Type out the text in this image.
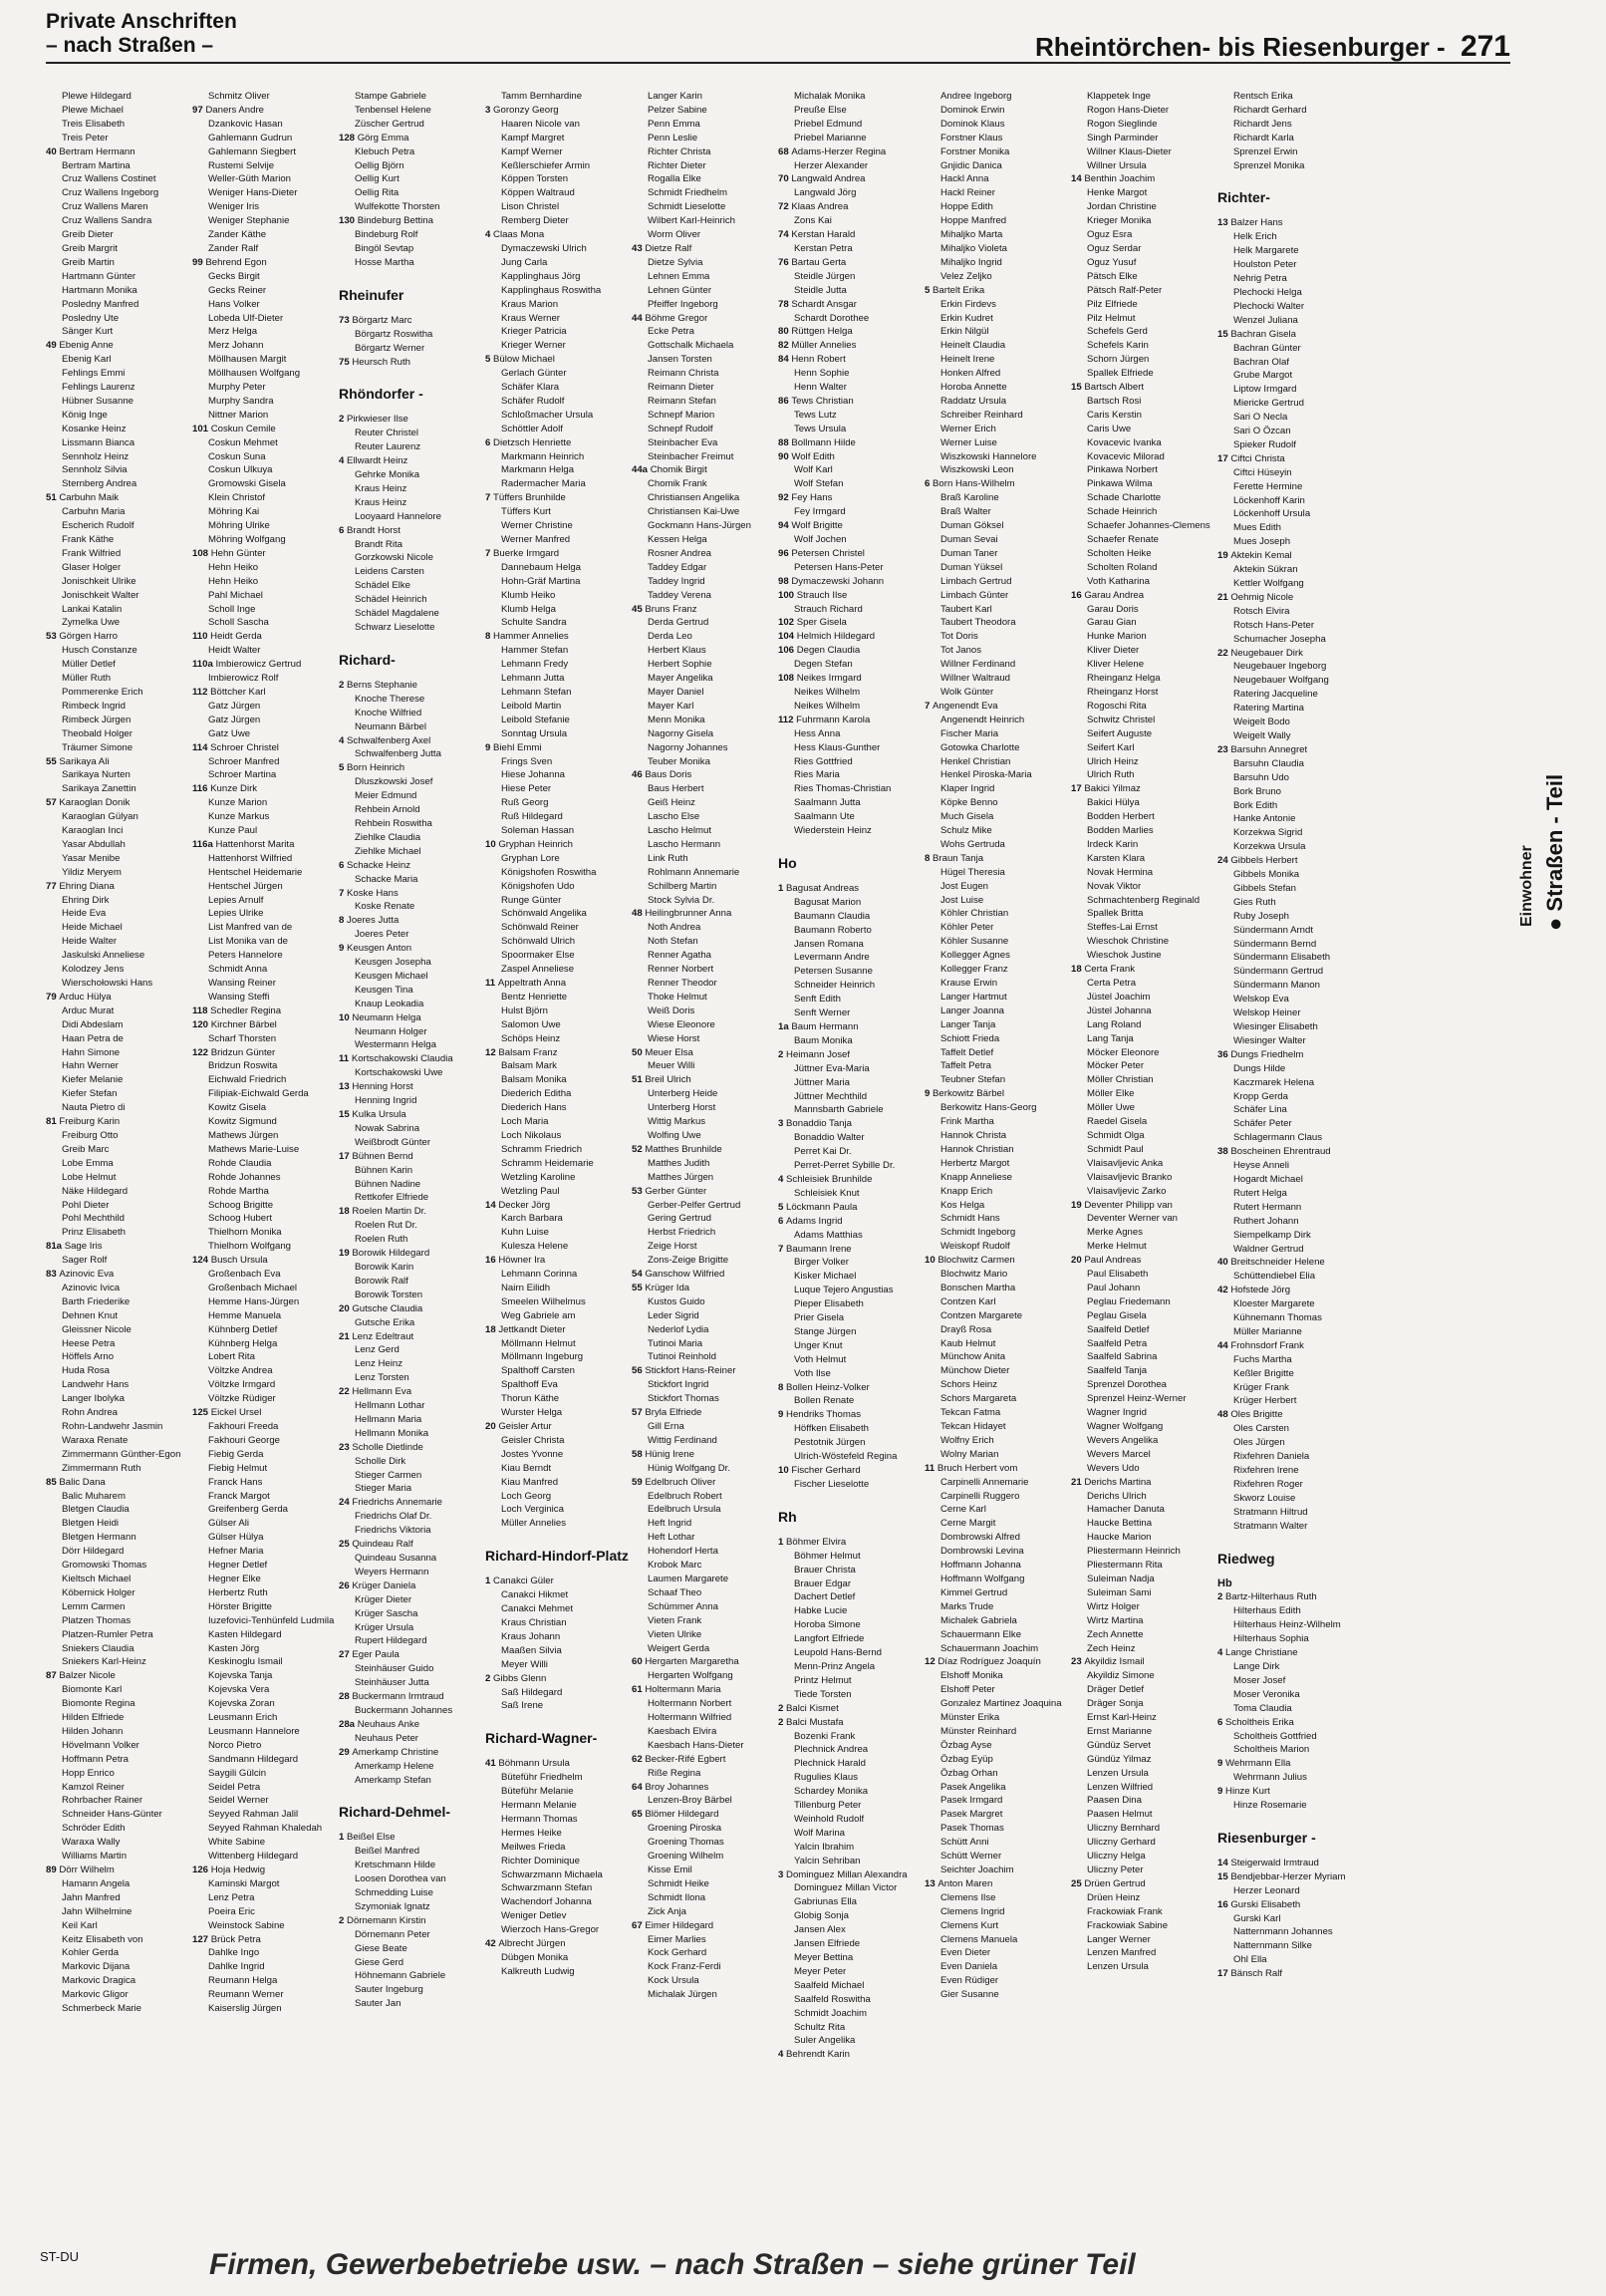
Private Anschriften
– nach Straßen –	Rheintörchen- bis Riesenburger - 271
Plewe Hildegard
Plewe Michael
Treis Elisabeth
Treis Peter
40 Bertram Hermann
Bertram Martina
Cruz Wallens Costinet
Cruz Wallens Ingeborg
Cruz Wallens Maren
Cruz Wallens Sandra
Greib Dieter
Greib Margrit
Greib Martin
Hartmann Günter
Hartmann Monika
Poslednу Manfred
Poslednу Ute
Sänger Kurt
49 Ebenig Anne
Ebenig Karl
Fehlings Emmi
Fehlings Laurenz
Hübner Susanne
König Inge
Kosanke Heinz
Lissmann Bianca
Sennholz Heinz
Sennholz Silvia
Sternberg Andrea
51 Carbuhn Maik
Carbuhn Maria
Escherich Rudolf
Frank Käthe
Frank Wilfried
Glaser Holger
Jonischkeit Ulrike
Jonischkeit Walter
Lankai Katalin
Zymelka Uwe
53 Görgen Harro
Husch Constanze
Müller Detlef
Müller Ruth
Pommerenke Erich
Rimbeck Ingrid
Rimbeck Jürgen
Theobald Holger
Träumer Simone
55 Sarikaya Ali
Sarikaya Nurten
Sarikaya Zanettin
57 Karaoglan Donik
Karaoglan Gülyan
Karaoglan Inci
Yasar Abdullah
Yasar Menibe
Yildiz Meryem
77 Ehring Diana
Ehring Dirk
Heide Eva
Heide Michael
Heide Walter
Jaskulski Anneliese
Kolodzey Jens
Wierschołowski Hans
79 Arduc Hülya
Arduc Murat
Didi Abdeslam
Haan Petra de
Hahn Simone
Hahn Werner
Kiefer Melanie
Kiefer Stefan
Nauta Pietro di
81 Freiburg Karin
Freiburg Otto
Greib Marc
Lobe Emma
Lobe Helmut
Näke Hildegard
Pohl Dieter
Pohl Mechthild
Prinz Elisabeth
81a Sage Iris
Sager Rolf
83 Azinovic Eva
Azinovic Ivica
Barth Friederike
Dehnen Knut
Gleissner Nicole
Heese Petra
Höffels Arno
Huda Rosa
Landwehr Hans
Langer Ibolyka
Rohn Andrea
Rohn-Landwehr Jasmin
Waraxa Renate
Zimmermann Günther-Egon
Zimmermann Ruth
85 Balic Dana
Balic Muharem
Bletgen Claudia
Bletgen Heidi
Bletgen Hermann
Dörr Hildegard
Gromowski Thomas
Kieltsch Michael
Köbernick Holger
Lemm Carmen
Platzen Thomas
Platzen-Rumler Petra
Sniekers Claudia
Sniekers Karl-Heinz
87 Balzer Nicole
Biomonte Karl
Biomonte Regina
Hilden Elfriede
Hilden Johann
Hövelmann Volker
Hoffmann Petra
Hopp Enrico
Kamzol Reiner
Rohrbacher Rainer
Schneider Hans-Günter
Schröder Edith
Waraxa Wally
Williams Martin
89 Dörr Wilhelm
Hamann Angela
Jahn Manfred
Jahn Wilhelmine
Keil Karl
Keitz Elisabeth von
Kohler Gerda
Markovic Dijana
Markovic Dragica
Markovic Gligor
Schmerbeck Marie
Schmitz Oliver
97 Daners Andre
Dzankovic Hasan
Gahlemann Gudrun
Gahlemann Siegbert
Rustemi Selvije
Weller-Güth Marion
Weniger Hans-Dieter
Weniger Iris
Weniger Stephanie
Zander Käthe
Zander Ralf
99 Behrend Egon
Gecks Birgit
Gecks Reiner
Hans Volker
Lobeda Ulf-Dieter
Merz Helga
Merz Johann
Möllhausen Margit
Möllhausen Wolfgang
Murphy Peter
Murphy Sandra
Nittner Marion
101 Coskun Cemile
Coskun Mehmet
Coskun Suna
Coskun Ulkuya
Gromowski Gisela
Klein Christof
Möhring Kai
Möhring Ulrike
Möhring Wolfgang
108 Hehn Günter
Hehn Heiko
Hehn Heiko
Pahl Michael
Scholl Inge
Scholl Sascha
110 Heidt Gerda
Heidt Walter
110a Imbierowicz Gertrud
Imbierowicz Rolf
112 Böttcher Karl
Gatz Jürgen
Gatz Jürgen
Gatz Uwe
114 Schroer Christel
Schroer Manfred
Schroer Martina
116 Kunze Dirk
Kunze Marion
Kunze Markus
Kunze Paul
116a Hattenhorst Marita
Hattenhorst Wilfried
Hentschel Heidemarie
Hentschel Jürgen
Lepies Arnulf
Lepies Ulrike
List Manfred van de
List Monika van de
Peters Hannelore
Schmidt Anna
Wansing Reiner
Wansing Steffi
118 Schedler Regina
120 Kirchner Bärbel
Scharf Thorsten
122 Bridzun Günter
Bridzun Roswita
Eichwald Friedrich
Filipiak-Eichwald Gerda
Kowitz Gisela
Kowitz Sigmund
Mathews Jürgen
Mathews Marie-Luise
Rohde Claudia
Rohde Johannes
Rohde Martha
Schoog Brigitte
Schoog Hubert
Thielhorn Monika
Thielhorn Wolfgang
124 Busch Ursula
Großenbach Eva
Großenbach Michael
Hemme Hans-Jürgen
Hemme Manuela
Kühnberg Detlef
Kühnberg Helga
Lobert Rita
Völtzke Andrea
Völtzke Irmgard
Völtzke Rüdiger
125 Eickel Ursel
Fakhouri Freeda
Fakhouri George
Fiebig Gerda
Fiebig Helmut
Franck Hans
Franck Margot
Greifenberg Gerda
Gülser Ali
Gülser Hülya
Hefner Maria
Hegner Detlef
Hegner Elke
Herbertz Ruth
Hörster Brigitte
Iuzefovici-Tenhünfeld Ludmila
Kasten Hildegard
Kasten Jörg
Keskinoglu Ismail
Kojevska Tanja
Kojevska Vera
Kojevska Zoran
Leusmann Erich
Leusmann Hannelore
Norco Pietro
Sandmann Hildegard
Saygili Gülcin
Seidel Petra
Seidel Werner
Seyyed Rahman Jalil
Seyyed Rahman Khaledah
White Sabine
Wittenberg Hildegard
126 Hoja Hedwig
Kaminski Margot
Lenz Petra
Poeira Eric
Weinstock Sabine
127 Brück Petra
Dahlke Ingo
Dahlke Ingrid
Reumann Helga
Reumann Werner
Kaiserslig Jürgen
Stampe Gabriele
Tenbensel Helene
Züscher Gertrud
128 Görg Emma
Klebuch Petra
Oellig Björn
Oellig Kurt
Oellig Rita
Wulfekotte Thorsten
130 Bindeburg Bettina
Bindeburg Rolf
Bingöl Sevtap
Hosse Martha
Rheinufer
73 Börgartz Marc
Börgartz Roswitha
Börgartz Werner
75 Heursch Ruth
Rhöndorfer -
2 Pirkwieser Ilse
Reuter Christel
Reuter Laurenz
4 Ellwardt Heinz
Gehrke Monika
Kraus Heinz
Kraus Heinz
Looyaard Hannelore
6 Brandt Horst
Brandt Rita
Gorzkowski Nicole
Leidens Carsten
Schädel Elke
Schädel Heinrich
Schädel Magdalene
Schwarz Lieselotte
Richard-
2 Berns Stephanie
Knoche Therese
Knoche Wilfried
Neumann Bärbel
4 Schwalfenberg Axel
Schwalfenberg Jutta
5 Born Heinrich
Dluszkowski Josef
Meier Edmund
Rehbein Arnold
Rehbein Roswitha
Ziehlke Claudia
Ziehlke Michael
6 Schacke Heinz
Schacke Maria
7 Koske Hans
Koske Renate
8 Joeres Jutta
Joeres Peter
9 Keusgen Anton
Keusgen Josepha
Keusgen Michael
Keusgen Tina
Knaup Leokadia
10 Neumann Helga
Neumann Holger
Westermann Helga
11 Kortschakowski Claudia
Kortschakowski Uwe
13 Henning Horst
Henning Ingrid
15 Kulka Ursula
Nowak Sabrina
Weißbrodt Günter
17 Bühnen Bernd
Bühnen Karin
Bühnen Nadine
Rettkofer Elfriede
18 Roelen Martin Dr.
Roelen Rut Dr.
Roelen Ruth
19 Borowik Hildegard
Borowik Karin
Borowik Ralf
Borowik Torsten
20 Gutsche Claudia
Gutsche Erika
21 Lenz Edeltraut
Lenz Gerd
Lenz Heinz
Lenz Torsten
22 Hellmann Eva
Hellmann Lothar
Hellmann Maria
Hellmann Monika
23 Scholle Dietlinde
Scholle Dirk
Stieger Carmen
Stieger Maria
24 Friedrichs Annemarie
Friedrichs Olaf Dr.
Friedrichs Viktoria
25 Quindeau Ralf
Quindeau Susanna
Weyers Hermann
26 Krüger Daniela
Krüger Dieter
Krüger Sascha
Krüger Ursula
Rupert Hildegard
27 Eger Paula
Steinhäuser Guido
Steinhäuser Jutta
28 Buckermann Irmtraud
Buckermann Johannes
28a Neuhaus Anke
Neuhaus Peter
29 Amerkamp Christine
Amerkamp Helene
Amerkamp Stefan
Richard-Dehmel-
1 Beißel Else
Beißel Manfred
Kretschmann Hilde
Loosen Dorothea van
Schmedding Luise
Szymoniak Ignatz
2 Dörnemann Kirstin
Dörnemann Peter
Giese Beate
Giese Gerd
Höhnemann Gabriele
Sauter Ingeburg
Sauter Jan
Tamm Bernhardine
3 Goronzy Georg
Haaren Nicole van
Kampf Margret
Kampf Werner
Keßlerschiefer Armin
Köppen Torsten
Köppen Waltraud
Lison Christel
Remberg Dieter
4 Claas Mona
Dymaczewski Ulrich
Jung Carla
Kapplinghaus Jörg
Kapplinghaus Roswitha
Kraus Marion
Kraus Werner
Krieger Patricia
Krieger Werner
5 Bülow Michael
Gerlach Günter
Schäfer Klara
Schäfer Rudolf
Schloßmacher Ursula
Schöttler Adolf
6 Dietzsch Henriette
Markmann Heinrich
Markmann Helga
Radermacher Maria
7 Tüffers Brunhilde
Tüffers Kurt
Werner Christine
Werner Manfred
7 Buerke Irmgard
Dannebaum Helga
Hohn-Gräf Martina
Klumb Heiko
Klumb Helga
Schulte Sandra
8 Hammer Annelies
Hammer Stefan
Lehmann Fredy
Lehmann Jutta
Lehmann Stefan
Leibold Martin
Leibold Stefanie
Sonntag Ursula
9 Biehl Emmi
Frings Sven
Hiese Johanna
Hiese Peter
Ruß Georg
Ruß Hildegard
Soleman Hassan
10 Gryphan Heinrich
Gryphan Lore
Königshofen Roswitha
Königshofen Udo
Runge Günter
Schönwald Angelika
Schönwald Reiner
Schönwald Ulrich
Spoormaker Else
Zaspel Anneliese
11 Appeltrath Anna
Bentz Henriette
Hulst Björn
Salomon Uwe
Schöps Heinz
12 Balsam Franz
Balsam Mark
Balsam Monika
Diederich Editha
Diederich Hans
Loch Maria
Loch Nikolaus
Schramm Friedrich
Schramm Heidemarie
Wetzling Karoline
Wetzling Paul
14 Decker Jörg
Karch Barbara
Kuhn Luise
Kulesza Helene
16 Höwner Ira
Lehmann Corinna
Nairn Eilidh
Smeelen Wilhelmus
Weg Gabriele am
18 Jettkandt Dieter
Möllmann Helmut
Möllmann Ingeburg
Spalthoff Carsten
Spalthoff Eva
Thorun Käthe
Wurster Helga
20 Geisler Artur
Geisler Christa
Jostes Yvonne
Kiau Berndt
Kiau Manfred
Loch Georg
Loch Verginica
Müller Annelies
Richard-Hindorf-Platz
1 Canakci Güler
Canakci Hikmet
Canakci Mehmet
Kraus Christian
Kraus Johann
Maaßen Silvia
Meyer Willi
2 Gibbs Glenn
Saß Hildegard
Saß Irene
Richard-Wagner-
41 Böhmann Ursula
Büteführ Friedhelm
Büteführ Melanie
Hermann Melanie
Hermann Thomas
Hermes Heike
Meilwes Frieda
Richter Dominique
Schwarzmann Michaela
Schwarzmann Stefan
Wachendorf Johanna
Weniger Detlev
Wierzoch Hans-Gregor
42 Albrecht Jürgen
Dübgen Monika
Kalkreuth Ludwig
Langer Karin
Pelzer Sabine
Penn Emma
Penn Leslie
Richter Christa
Richter Dieter
Rogalla Elke
Schmidt Friedhelm
Schmidt Lieselotte
Wilbert Karl-Heinrich
Worm Oliver
43 Dietze Ralf
Dietze Sylvia
Lehnen Emma
Lehnen Günter
Pfeiffer Ingeborg
44 Böhme Gregor
Ecke Petra
Gottschalk Michaela
Jansen Torsten
Reimann Christa
Reimann Dieter
Reimann Stefan
Schnepf Marion
Schnepf Rudolf
Steinbacher Eva
Steinbacher Freimut
44a Chomik Birgit
Chomik Frank
Christiansen Angelika
Christiansen Kai-Uwe
Gockmann Hans-Jürgen
Kessen Helga
Rosner Andrea
Taddey Edgar
Taddey Ingrid
Taddey Verena
45 Bruns Franz
Derda Gertrud
Derda Leo
Herbert Klaus
Herbert Sophie
Mayer Angelika
Mayer Daniel
Mayer Karl
Menn Monika
Nagorny Gisela
Nagorny Johannes
Teuber Monika
46 Baus Doris
Baus Herbert
Geiß Heinz
Lascho Else
Lascho Helmut
Lascho Hermann
Link Ruth
Rohlmann Annemarie
Schilberg Martin
Stock Sylvia Dr.
48 Heilingbrunner Anna
Noth Andrea
Noth Stefan
Renner Agatha
Renner Norbert
Renner Theodor
Thoke Helmut
Weiß Doris
Wiese Eleonore
Wiese Horst
50 Meuer Elsa
Meuer Willi
51 Breil Ulrich
Unterberg Heide
Unterberg Horst
Wittig Markus
Wolfing Uwe
52 Matthes Brunhilde
Matthes Judith
Matthes Jürgen
53 Gerber Günter
Gerber-Pelfer Gertrud
Gering Gertrud
Herbst Friedrich
Zeige Horst
Zons-Zeige Brigitte
54 Ganschow Wilfried
55 Krüger Ida
Kustos Guido
Leder Sigrid
Nederlof Lydia
Tutinoi Maria
Tutinoi Reinhold
56 Stickfort Hans-Reiner
Stickfort Ingrid
Stickfort Thomas
57 Bryla Elfriede
Gill Erna
Wittig Ferdinand
58 Hünig Irene
Hünig Wolfgang Dr.
59 Edelbruch Oliver
Edelbruch Robert
Edelbruch Ursula
Heft Ingrid
Heft Lothar
Hohendorf Herta
Krobok Marc
Laumen Margarete
Schaaf Theo
Schümmer Anna
Vieten Frank
Vieten Ulrike
Weigert Gerda
60 Hergarten Margaretha
Hergarten Wolfgang
61 Holtermann Maria
Holtermann Norbert
Holtermann Wilfried
Kaesbach Elvira
Kaesbach Hans-Dieter
62 Becker-Rifé Egbert
Riße Regina
64 Broy Johannes
Lenzen-Broy Bärbel
65 Blömer Hildegard
Groening Piroska
Groening Thomas
Groening Wilhelm
Kisse Emil
Schmidt Heike
Schmidt Ilona
Zick Anja
67 Eimer Hildegard
Eimer Marlies
Kock Gerhard
Kock Franz-Ferdi
Kock Ursula
Michalak Jürgen
Michalak Monika
Preuße Else
Priebel Edmund
Priebel Marianne
68 Adams-Herzer Regina
Herzer Alexander
70 Langwald Andrea
Langwald Jörg
72 Klaas Andrea
Zons Kai
74 Kerstan Harald
Kerstan Petra
76 Bartau Gerta
Steidle Jürgen
Steidle Jutta
78 Schardt Ansgar
Schardt Dorothee
80 Rüttgen Helga
82 Müller Annelies
84 Henn Robert
Henn Sophie
Henn Walter
86 Tews Christian
Tews Lutz
Tews Ursula
88 Bollmann Hilde
90 Wolf Edith
Wolf Karl
Wolf Stefan
92 Fey Hans
Fey Irmgard
94 Wolf Brigitte
Wolf Jochen
96 Petersen Christel
Petersen Hans-Peter
98 Dymaczewski Johann
100 Strauch Ilse
Strauch Richard
102 Sper Gisela
104 Helmich Hildegard
106 Degen Claudia
Degen Stefan
108 Neikes Irmgard
Neikes Wilhelm
Neikes Wilhelm
112 Fuhrmann Karola
Hess Anna
Hess Klaus-Gunther
Ries Gottfried
Ries Maria
Ries Thomas-Christian
Saalmann Jutta
Saalmann Ute
Wiederstein Heinz
Ho
1 Bagusat Andreas
Bagusat Marion
Baumann Claudia
Baumann Roberto
Jansen Romana
Levermann Andre
Petersen Susanne
Schneider Heinrich
Senft Edith
Senft Werner
1a Baum Hermann
Baum Monika
2 Heimann Josef
Jüttner Eva-Maria
Jüttner Maria
Jüttner Mechthild
Mannsbarth Gabriele
3 Bonaddio Tanja
Bonaddio Walter
Perret Kai Dr.
Perret-Perret Sybille Dr.
4 Schleisiek Brunhilde
Schleisiek Knut
5 Löckmann Paula
6 Adams Ingrid
Adams Matthias
7 Baumann Irene
Birger Volker
Kisker Michael
Luque Tejero Angustias
Pieper Elisabeth
Prier Gisela
Stange Jürgen
Unger Knut
Voth Helmut
Voth Ilse
8 Bollen Heinz-Volker
Bollen Renate
9 Hendriks Thomas
Höffken Elisabeth
Pestotnik Jürgen
Ulrich-Wöstefeld Regina
10 Fischer Gerhard
Fischer Lieselotte
Rh
1 Böhmer Elvira
Böhmer Helmut
Brauer Christa
Brauer Edgar
Dachert Detlef
Habke Lucie
Horoba Simone
Langfort Elfriede
Leupold Hans-Bernd
Menn-Prinz Angela
Printz Helmut
Tiede Torsten
2 Balci Kismet
2 Balci Mustafa
Bozenki Frank
Plechnick Andrea
Plechnick Harald
Rugulies Klaus
Schardey Monika
Tillenburg Peter
Weinhold Rudolf
Wolf Marina
Yalcin Ibrahim
Yalcin Sehriban
3 Dominguez Millan Alexandra
Dominguez Millan Victor
Gabriunas Ella
Globig Sonja
Jansen Alex
Jansen Elfriede
Meyer Bettina
Meyer Peter
Saalfeld Michael
Saalfeld Roswitha
Schmidt Joachim
Schultz Rita
Suler Angelika
4 Behrendt Karin
Andree Ingeborg
Dominok Erwin
Dominok Klaus
Forstner Klaus
Forstner Monika
Gnjidic Danica
Hackl Anna
Hackl Reiner
Hoppe Edith
Hoppe Manfred
Mihaljko Marta
Mihaljko Violeta
Mihaljko Ingrid
Velez Zeljko
5 Bartelt Erika
Erkin Firdevs
Erkin Kudret
Erkin Nilgül
Heinelt Claudia
Heinelt Irene
Honken Alfred
Horoba Annette
Raddatz Ursula
Schreiber Reinhard
Werner Erich
Werner Luise
Wiszkowski Hannelore
Wiszkowski Leon
6 Born Hans-Wilhelm
Braß Karoline
Braß Walter
Duman Göksel
Duman Sevai
Duman Taner
Duman Yüksel
Limbach Gertrud
Limbach Günter
Taubert Karl
Taubert Theodora
Tot Doris
Tot Janos
Willner Ferdinand
Willner Waltraud
Wolk Günter
7 Angenendt Eva
Angenendt Heinrich
Fischer Maria
Gotowka Charlotte
Henkel Christian
Henkel Piroska-Maria
Klaper Ingrid
Köpke Benno
Much Gisela
Schulz Mike
Wohs Gertruda
8 Braun Tanja
Hügel Theresia
Jost Eugen
Jost Luise
Köhler Christian
Köhler Peter
Köhler Susanne
Kollegger Agnes
Kollegger Franz
Krause Erwin
Langer Hartmut
Langer Joanna
Langer Tanja
Schiott Frieda
Taffelt Detlef
Taffelt Petra
Teubner Stefan
9 Berkowitz Bärbel
Berkowitz Hans-Georg
Frink Martha
Hannok Christa
Hannok Christian
Herbertz Margot
Knapp Anneliese
Knapp Erich
Kos Helga
Schmidt Hans
Schmidt Ingeborg
Weiskopf Rudolf
10 Blochwitz Carmen
Blochwitz Mario
Bonschen Martha
Contzen Karl
Contzen Margarete
Drayß Rosa
Kaub Helmut
Münchow Anita
Münchow Dieter
Schors Heinz
Schors Margareta
Tekcan Fatma
Tekcan Hidayet
Wolfny Erich
Wolny Marian
11 Bruch Herbert vom
Carpinelli Annemarie
Carpinelli Ruggero
Cerne Karl
Cerne Margit
Dombrowski Alfred
Dombrowski Levina
Hoffmann Johanna
Hoffmann Wolfgang
Kimmel Gertrud
Marks Trude
Michalek Gabriela
Schauermann Elke
Schauermann Joachim
12 Díaz Rodríguez Joaquín
Elshoff Monika
Elshoff Peter
Gonzalez Martinez Joaquina
Münster Erika
Münster Reinhard
Özbag Ayse
Özbag Eyüp
Özbag Orhan
Pasek Angelika
Pasek Irmgard
Pasek Margret
Pasek Thomas
Schütt Anni
Schütt Werner
Seichter Joachim
13 Anton Maren
Clemens Ilse
Clemens Ingrid
Clemens Kurt
Clemens Manuela
Even Dieter
Even Daniela
Even Rüdiger
Gier Susanne
Klappetek Inge
Rogon Hans-Dieter
Rogon Sieglinde
Singh Parminder
Willner Klaus-Dieter
Willner Ursula
14 Benthin Joachim
Henke Margot
Jordan Christine
Krieger Monika
Oguz Esra
Oguz Serdar
Oguz Yusuf
Pätsch Elke
Pätsch Ralf-Peter
Pilz Elfriede
Pilz Helmut
Schefels Gerd
Schefels Karin
Schorn Jürgen
Spallek Elfriede
15 Bartsch Albert
Bartsch Rosi
Caris Kerstin
Caris Uwe
Kovacevic Ivanka
Kovacevic Milorad
Pinkawa Norbert
Pinkawa Wilma
Schade Charlotte
Schade Heinrich
Schaefer Johannes-Clemens
Schaefer Renate
Scholten Heike
Scholten Roland
Voth Katharina
16 Garau Andrea
Garau Doris
Garau Gian
Hunke Marion
Kliver Dieter
Kliver Helene
Rheinganz Helga
Rheinganz Horst
Rogoschi Rita
Schwitz Christel
Seifert Auguste
Seifert Karl
Ulrich Heinz
Ulrich Ruth
17 Bakici Yilmaz
Bakici Hülya
Bodden Herbert
Bodden Marlies
Irdeck Karin
Karsten Klara
Novak Hermina
Novak Viktor
Schmachtenberg Reginald
Spallek Britta
Steffes-Lai Ernst
Wieschok Christine
Wieschok Justine
18 Certa Frank
Certa Petra
Jüstel Joachim
Jüstel Johanna
Lang Roland
Lang Tanja
Möcker Eleonore
Möcker Peter
Möller Christian
Möller Elke
Möller Uwe
Raedel Gisela
Schmidt Olga
Schmidt Paul
Vlaisavljevic Anka
Vlaisavljevic Branko
Vlaisavljevic Zarko
19 Deventer Philipp van
Deventer Werner van
Merke Agnes
Merke Helmut
20 Paul Andreas
Paul Elisabeth
Paul Johann
Peglau Friedemann
Peglau Gisela
Saalfeld Detlef
Saalfeld Petra
Saalfeld Sabrina
Saalfeld Tanja
Sprenzel Dorothea
Sprenzel Heinz-Werner
Wagner Ingrid
Wagner Wolfgang
Wevers Angelika
Wevers Marcel
Wevers Udo
21 Derichs Martina
Derichs Ulrich
Hamacher Danuta
Haucke Bettina
Haucke Marion
Pliestermann Heinrich
Pliestermann Rita
Suleiman Nadja
Suleiman Sami
Wirtz Holger
Wirtz Martina
Zech Annette
Zech Heinz
23 Akyildiz Ismail
Akyildiz Simone
Dräger Detlef
Dräger Sonja
Ernst Karl-Heinz
Ernst Marianne
Gündüz Servet
Gündüz Yilmaz
Lenzen Ursula
Lenzen Wilfried
Paasen Dina
Paasen Helmut
Uliczny Bernhard
Uliczny Gerhard
Uliczny Helga
Uliczny Peter
25 Drüen Gertrud
Drüen Heinz
Frackowiak Frank
Frackowiak Sabine
Langer Werner
Lenzen Manfred
Lenzen Ursula
Rentsch Erika
Richardt Gerhard
Richardt Jens
Richardt Karla
Sprenzel Erwin
Sprenzel Monika
Richter-
13 Balzer Hans
Helk Erich
Helk Margarete
Houlston Peter
Nehrig Petra
Plechocki Helga
Plechocki Walter
Wenzel Juliana
15 Bachran Gisela
Bachran Günter
Bachran Olaf
Grube Margot
Liptow Irmgard
Miericke Gertrud
Sari O Necla
Sari O Özcan
Spieker Rudolf
17 Ciftci Christa
Ciftci Hüseyin
Ferette Hermine
Löckenhoff Karin
Löckenhoff Ursula
Mues Edith
Mues Joseph
19 Aktekin Kemal
Aktekin Sükran
Kettler Wolfgang
21 Oehmig Nicole
Rotsch Elvira
Rotsch Hans-Peter
Schumacher Josepha
22 Neugebauer Dirk
Neugebauer Ingeborg
Neugebauer Wolfgang
Ratering Jacqueline
Ratering Martina
Weigelt Bodo
Weigelt Wally
23 Barsuhn Annegret
Barsuhn Claudia
Barsuhn Udo
Bork Bruno
Bork Edith
Hanke Antonie
Korzekwa Sigrid
Korzekwa Ursula
24 Gibbels Herbert
Gibbels Monika
Gibbels Stefan
Gies Ruth
Ruby Joseph
Sündermann Arndt
Sündermann Bernd
Sündermann Elisabeth
Sündermann Gertrud
Sündermann Manon
Welskop Eva
Welskop Heiner
Wiesinger Elisabeth
Wiesinger Walter
36 Dungs Friedhelm
Dungs Hilde
Kaczmarek Helena
Kropp Gerda
Schäfer Lina
Schäfer Peter
Schlagermann Claus
38 Boscheinen Ehrentraud
Heyse Anneli
Hogardt Michael
Rutert Helga
Rutert Hermann
Ruthert Johann
Siempelkamp Dirk
Waldner Gertrud
40 Breitschneider Helene
Schüttendiebel Elia
42 Hofstede Jörg
Kloester Margarete
Kühnemann Thomas
Müller Marianne
44 Frohnsdorf Frank
Fuchs Martha
Keßler Brigitte
Krüger Frank
Krüger Herbert
48 Oles Brigitte
Oles Carsten
Oles Jürgen
Rixfehren Daniela
Rixfehren Irene
Rixfehren Roger
Skworz Louise
Stratmann Hiltrud
Stratmann Walter
Riedweg
Hb
2 Bartz-Hilterhaus Ruth
Hilterhaus Edith
Hilterhaus Heinz-Wilhelm
Hilterhaus Sophia
4 Lange Christiane
Lange Dirk
Moser Josef
Moser Veronika
Toma Claudia
6 Scholtheis Erika
Scholtheis Gottfried
Scholtheis Marion
9 Wehrmann Ella
Wehrmann Julius
9 Hinze Kurt
Hinze Rosemarie
Riesenburger -
14 Steigerwald Irmtraud
15 Bendjebbar-Herzer Myriam
Herzer Leonard
16 Gurski Elisabeth
Gurski Karl
Natternmann Johannes
Natternmann Silke
Ohl Ella
17 Bänsch Ralf
Einwohner ● Straßen - Teil
ST-DU	Firmen, Gewerbebetriebe usw. – nach Straßen – siehe grüner Teil
